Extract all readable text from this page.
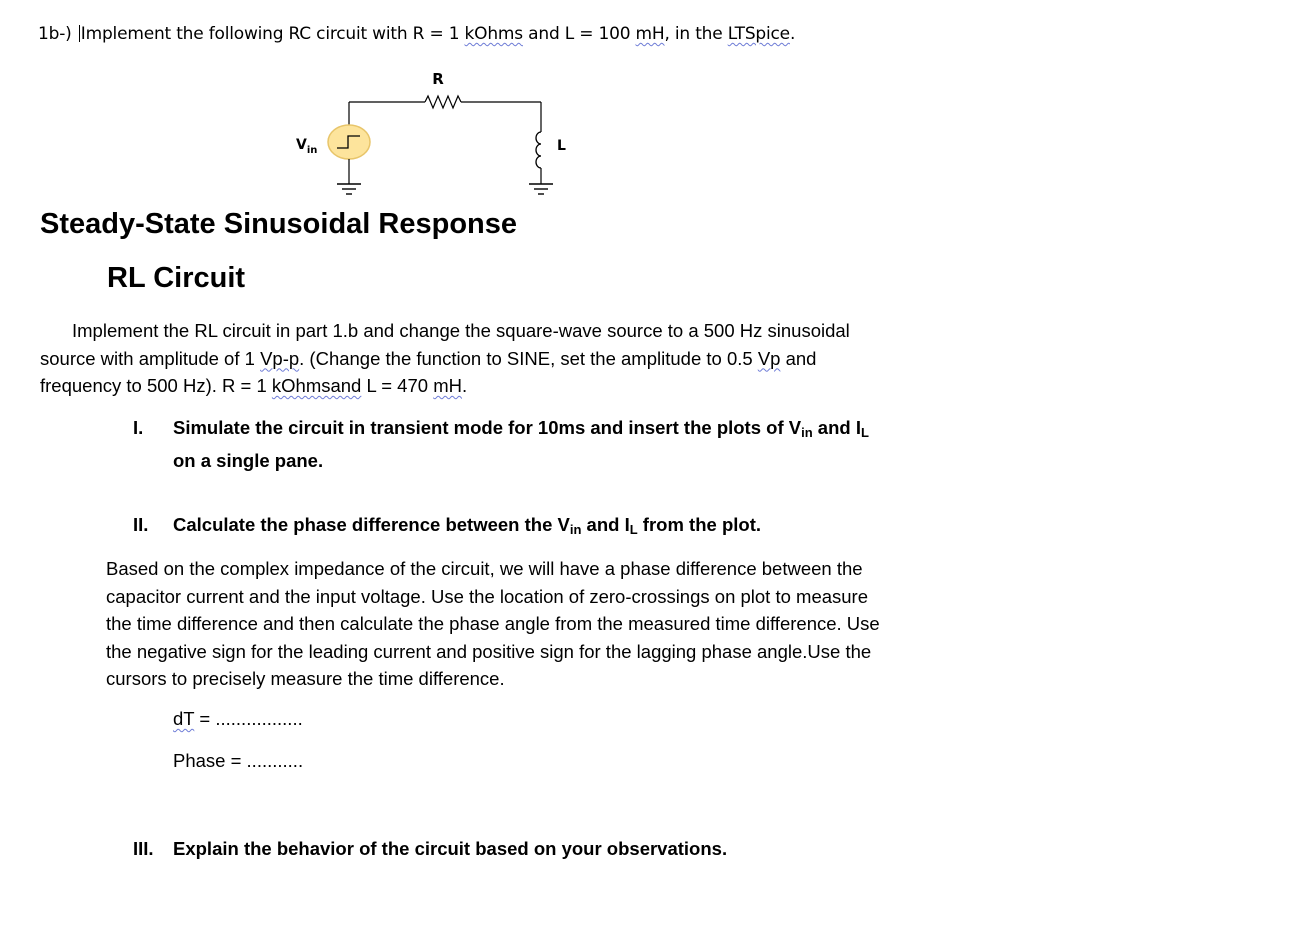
1b-) Implement the following RC circuit with R = 1 kOhms and L = 100 mH, in the LTSpice.
R
L
$V_{in}$
Steady-State Sinusoidal Response
RL Circuit
Implement the RL circuit in part 1.b and change the square-wave source to a 500 Hz sinusoidal
source with amplitude of 1 Vp-p. (Change the function to SINE, set the amplitude to 0.5 Vp and
frequency to 500 Hz). R = 1 kOhmsand L = 470 mH.
I. Simulate the circuit in transient mode for 10ms and insert the plots of $V_{in}$ and $I_L$
on a single pane.
II. Calculate the phase difference between the $V_{in}$ and $I_L$ from the plot.
Based on the complex impedance of the circuit, we will have a phase difference between the capacitor current and the input voltage. Use the location of zero-crossings on plot to measure the time difference and then calculate the phase angle from the measured time difference. Use the negative sign for the leading current and positive sign for the lagging phase angle.Use the cursors to precisely measure the time difference.
dT = .................
Phase = ...........
III. Explain the behavior of the circuit based on your observations.
